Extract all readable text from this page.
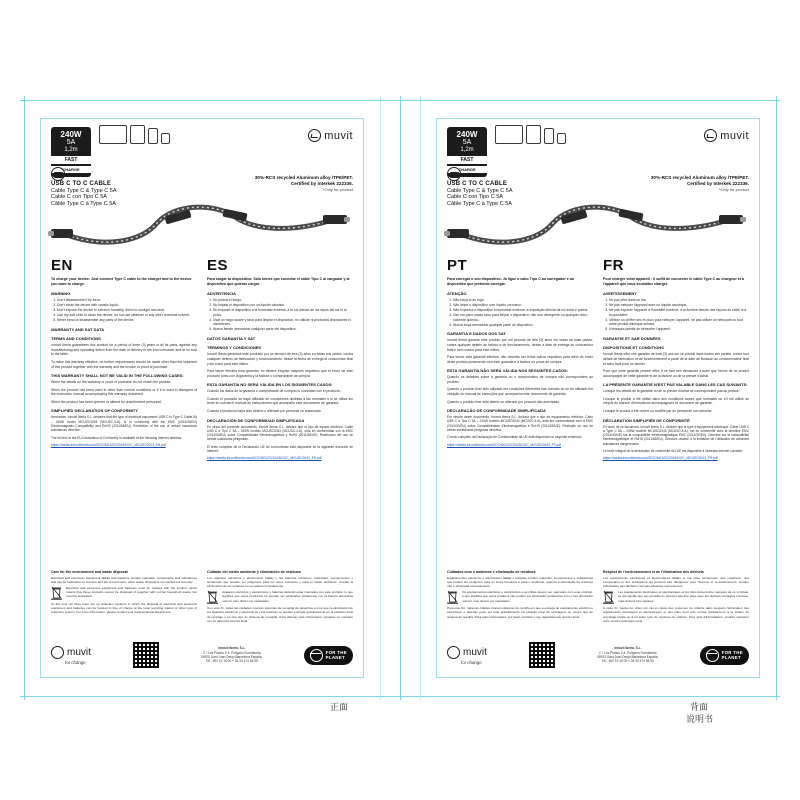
240W
5A
1,2m
FAST
CHARGE
muvit
USB C TO C CABLE
Cable Type C & Type C 5A
Cable C con Tipo C 5A
Câble Type C à Type C 5A
30%-RCS recycled Aluminum alloy /TPE/PET.
Certified by Interkek 222336.
*Only for product
EN

To charge your device: Just connect Type C cable to the charger and to the device you want to charge.

WARNING
1. Don't disassemble it by force.
2. Don't clean the device with caustic liquid.
3. Don't expose the device to extreme humidity, direct to sunlight and dust.
4. Use dry soft cloth to clean the device, do not use cleanser or any other chemical solvent.
5. Never bend or disassemble any parts of the device.
WARRANTY AND SAT DATA
TERMS AND CONDITIONS

Innovit Iberia guarantees this product for a period of three (3) years in all its parts, against any manufacturing and operating defect from the date of delivery to the end consumer and at no cost to the latter.

To make this warranty effective, no further requirements should be made other than the shipment of this product together with the warranty and the invoice or proof of purchase.

THIS WARRANTY SHALL NOT BE VALID IN THE FOLLOWING CASES:

When the details on the warranty or proof of purchase do not match the product.

When the product has been used in other than normal conditions or if it is used in disregard of the instruction manual accompanying this warranty document.

When the product has been opened or altered by unauthorized personnel.

SIMPLIFIED DECLARATION OF CONFORMITY

Hereunder, Innovit Iberia S.L. declares that the type of electrical equipment: USB C to Type C Cable 5A – 240W model MCUSC0043 (MCUSC-4-A), is in conformity with the EMC (2014/30/EU) Electromagnetic Compatibility and RoHS (2011/65/EU). Restriction of the use of certain hazardous substances directive.

The full text of the EU Declaration of Conformity is available at the following internet address:

https://media.innov4iberia.com/DOC/MCUSC0043/DOC_MCUSC0043_EN.pdf
ES

Para cargar tu dispositivo: Sólo tienes que conectar el cable Tipo C al cargador y al dispositivo que quieras cargar.

ADVERTENCIA
1. No probar el fuego.
2. No limpiar el dispositivo con un líquido cáustico.
3. No exponer el dispositivo a la humedad extrema, a la luz directa de los rayos del sol ni al polvo.
4. Usar un trapo suave y seco para limpiar el dispositivo, no utilizar ni productos limpiadores ni disolventes.
5. Nunca bende desmontar cualquier parte del dispositivo.
DATOS GARANTÍA Y SAT
TÉRMINOS Y CONDICIONES

Innovit Iberia garantiza este producto por un término de tres (3) años en todas sus partes, contra cualquier defecto de fabricación y funcionamiento, desde la fecha de entrega al consumidor final y sin costo para este último.

Para hacer efectiva esta garantía, no deberá exigirse mayores requisitos que el envío de este producto junto con la garantía y la factura o comprobante de compra.

ESTA GARANTÍA NO SERÁ VÁLIDA EN LOS SIGUIENTES CASOS:

Cuando los datos de la garantía o comprobante de compra no coincidan con el producto.

Cuando el producto se haya utilizado en condiciones distintas a las normales o si se utiliza sin tener en cuenta el manual de instrucciones que acompaña este documento de garantía.

Cuando el producto haya sido abierto o alterado por personal no autorizado.

DECLARACIÓN DE CONFORMIDAD SIMPLIFICADA

En virtud del presente documento, Innovit Iberia S.L. declara que el tipo de equipo eléctrico: Cable USB C a Tipo C 5A – 240W modelo MCUSC0043 (MCUSC-4-A), está en conformidad con la EMC (2014/30/EU) sobre Compatibilidad Electromagnética y RoHS (2011/65/UE). Restricción del uso de ciertas sustancias peligrosas.

El texto completo de la Declaración UE de conformidad está disponible en la siguiente dirección de internet:

https://media.innov4iberia.com/DOC/MCUSC0043/DOC_MCUSC0043_ES.pdf
Care for the environment and waste disposal

Electrical and electronic equipment (EEE) and batteries contain materials, components and substances that can be hazardous to humans and the environment, when waste disposal is not carried out correctly.

Electrical and electronic equipment and batteries must be marked with the symbol, which means that these products cannot be disposed of together with normal household waste, but must be separated.

To this end, all cities have set up collection systems in which the disposal of electrical and electronic equipment and batteries can be handed in free of charge at the local recycling station or other type of collection system. For more information, please contact your local technical department.

Cuidado del medio ambiente y eliminación de residuos

Los aparatos eléctricos y electrónicos (AEE) y las baterías contienen materiales, componentes y sustancias que pueden ser peligrosos para los seres humanos y para el medio ambiente, cuando la eliminación de los residuos no se realiza correctamente.

Aparatos eléctricos y electrónicos y baterías deberán estar marcados con este símbolo, lo que significa que estos productos no pueden ser eliminados juntamente con la basura doméstica normal, sino deben ser separados.

Con este fin, todas las ciudades cuentan sistemas de recogida de desechos en los que la eliminación de los aparatos eléctricos y electrónicos y las baterías se pueden entregar gratuitamente en la estación local de reciclaje o en otro tipo de sistema de recogida. Para obtener más información, póngase en contacto con su dirección técnica local.

muvit
for change
Innov4 Iberia, S.L.
C / Los Planos 2-4. Polígono Fuenlaneta
08970 Sant Joan Despí Barcelona España.
Tel.: 902 19 19 00 » 34 93 474 85 95
FOR THE
PLANET
240W
5A
1,2m
FAST
CHARGE
muvit
USB C TO C CABLE
Cable Type C & Type C 5A
Cable C con Tipo C 5A
Câble Type C à Type C 5A
30%-RCS recycled Aluminum alloy /TPE/PET.
Certified by Interkek 222336.
*Only for product
PT

Para carregar o seu dispositivo: Já ligue o cabo Tipo C ao carregador e ao dispositivo que pretende carregar.

ATENÇÃO
1. Não torçá-lo ao fogo.
2. Não limpe o dispositivo com líquido corrosivo.
3. Não exponha o dispositivo à humidade extrema, a exposição directa da luz solar e poeira.
4. Use um pano macio seco para limpar o dispositivo, não use detergente ou qualquer outro solvente químico.
5. Nunca torça desmontar qualquer parte do dispositivo.
GARANTIA E DADOS DOS SAT

Innovit Iberia garante este produto por um período de três (3) anos em todas as suas partes, contra qualquer defeito de fabrico e de funcionamento, desde a data de entrega ao consumidor final e sem custos para este último.

Para tornar esta garantia efectiva, não deverão ser feitos outros requisitos para além do envio deste produto juntamente com este garantia e a factura ou prova de compra.

ESTA GARANTIA NÃO SERÁ VÁLIDA NOS SEGUINTES CASOS:

Quando os detalhes sobre a garantia ou o comprovativo de compra não correspondem ao produto.

Quando o produto tiver sido utilizado em condições diferentes das normais ou se for utilizado em violação do manual de instruções que acompanha este documento de garantia.

Quando o produto tiver sido aberto ou alterado por pessoal não autorizado.

DECLARAÇÃO DE CONFORMIDADE SIMPLIFICADA

Em virtude deste documento, Innovit Iberia S.L. declara que o tipo de equipamento eléctrico: Cabo USB C a Tipo C 5A – 240W modelo MCUSC0043 (MCUSC-4-A), está em conformidade com a EMC (2014/30/EU) sobre Compatibilidade Electromagnética e RoHS (2011/65/UE). Restrição do uso de certas substâncias perigosas directiva.

O texto completo da Declaração de Conformidade da UE está disponível no seguinte endereço:

https://media.innov4iberia.com/DOC/MCUSC0043/DOC_MCUSC0043_PT.pdf
FR

Pour charger votre appareil : Il suffit de connecter le câble Type C au chargeur et à l'appareil que vous souhaitez charger.

AVERTISSEMENT
1. Ne pas jeter dans un feu.
2. Ne pas nettoyer l'appareil avec un liquide caustique.
3. Ne pas exposer l'appareil à l'humidité extrême, à la lumière directe des rayons du soleil ni à la poussière.
4. Utilisez un chiffon sec et doux pour nettoyer l'appareil, ne pas utiliser un nettoyant ou tout autre produit chimique solvant.
5. N'essayez jamais de démonter l'appareil.
GARANTIE ET SAR DONNÉES
DISPOSITIONS ET CONDITIONS

Innovit Iberia offre une garantie de trois (3) ans sur ce produit dans toutes ses parties, contre tout défaut de fabrication et de fonctionnement à partir de la date de livraison au consommateur final et sans frais pour ce dernier.

Pour que cette garantie prenne effet, il ne faut rien demander d'autre que l'envoi de ce produit accompagné de cette garantie et de la facture ou de la preuve d'achat.

LA PRÉSENTE GARANTIE N'EST PAS VALABLE DANS LES CAS SUIVANTS:

Lorsque les détails de la garantie ou de la preuve d'achat ne correspondent pas au produit.

Lorsque le produit a été utilisé dans des conditions autres que normales ou s'il est utilisé au mépris du manuel d'instructions accompagnant ce document de garantie.

Lorsque le produit a été ouvert ou modifié par du personnel non autorisé.

DÉCLARATION SIMPLIFIÉE DE CONFORMITÉ

En vertu de ce document, Innovit Iberia S.L. déclare que le type d'équipement électrique: Câble USB C a Type C 5A – 240W modèle MCUSC0043 (MCUSC-4-A), est en conformité avec la directive EMC (2014/30/UE) sur la compatibilité électromagnétique EMC (2014/30/EU). Directive sur la compatibilité électromagnétique et RoHS (2011/65/EU). Directive relative à la limitation de l'utilisation de certaines substances dangereuses.

Le texte intégral de la déclaration de conformité de l'UE est disponible à l'adresse internet suivante:

https://media.innov4iberia.com/DOC/MCUSC0043/DOC_MCUSC0043_FR.pdf
Cuidados com o ambiente e eliminação de resíduos

Equipamentos eléctricos e electrónicos (EEE) e baterias contêm materiais, componentes e substâncias que podem ser perigosos para os seres humanos e para o ambiente, quando a eliminação de resíduos não é efectuada correctamente.

Os equipamentos eléctricos e electrónicos e as pilhas devem ser marcados com este símbolo, o que significa que estes produtos não podem ser eliminados juntamente com o lixo doméstico normal, mas devem ser separados.

Para este fim, todas as cidades criaram sistemas de recolha em que a entrega de equipamento eléctrico e electrónico e baterias pode ser feita gratuitamente na estação local de reciclagem ou noutro tipo de sistema de recolha. Para mais informações, por favor contacte o seu departamento técnico local.

Respect de l'environnement et de l'élimination des déchets

Les équipements électriques et électroniques (EEE) et les piles contiennent des matériaux, des composants et des substances qui peuvent être dangereux pour l'homme et l'environnement, lorsque l'élimination des déchets n'est pas effectuée correctement.

Les équipements électriques et électroniques et les piles doivent être marqués de ce symbole, ce qui signifie que ces produits ne peuvent pas être jetés avec les déchets ménagers normaux, mais doivent être séparés.

À cette fin, toutes les villes ont mis en place des systèmes de collecte dans lesquels l'élimination des équipements électriques et électroniques et des piles peut être remise gratuitement à la station de recyclage locale ou à un autre type de système de collecte. Pour plus d'informations, veuillez contacter votre service technique local.

muvit
for change
Innov4 Iberia, S.L.
C / Los Planos 2-4. Polígono Fuenlaneta
08970 Sant Joan Despí Barcelona España.
Tel.: 902 19 19 00 » 34 93 474 85 95
FOR THE
PLANET
正面	背面
说明书
